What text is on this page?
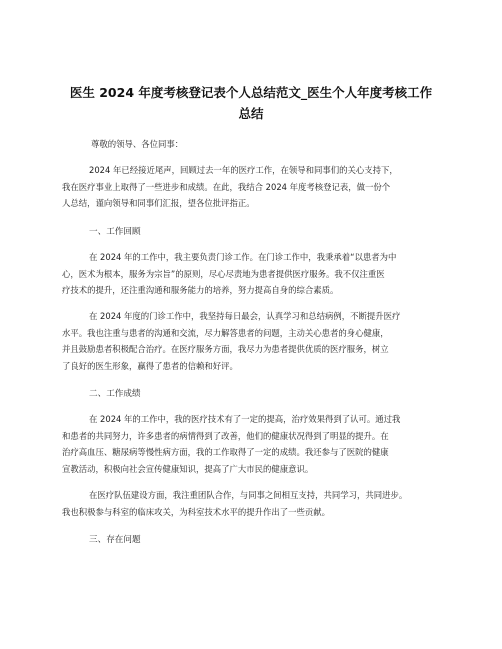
医生 2024 年度考核登记表个人总结范文_医生个人年度考核工作
总结
尊敬的领导、各位同事：
2024 年已经接近尾声，回顾过去一年的医疗工作，在领导和同事们的关心支持下，
我在医疗事业上取得了一些进步和成绩。在此，我结合 2024 年度考核登记表，做一份个
人总结，谨向领导和同事们汇报，望各位批评指正。
一、工作回顾
在 2024 年的工作中，我主要负责门诊工作。在门诊工作中，我秉承着“以患者为中
心，医术为根本，服务为宗旨”的原则，尽心尽责地为患者提供医疗服务。我不仅注重医
疗技术的提升，还注重沟通和服务能力的培养，努力提高自身的综合素质。
在 2024 年度的门诊工作中，我坚持每日最会，认真学习和总结病例，不断提升医疗
水平。我也注重与患者的沟通和交流，尽力解答患者的问题，主动关心患者的身心健康，
并且鼓励患者积极配合治疗。在医疗服务方面，我尽力为患者提供优质的医疗服务，树立
了良好的医生形象，赢得了患者的信赖和好评。
二、工作成绩
在 2024 年的工作中，我的医疗技术有了一定的提高，治疗效果得到了认可。通过我
和患者的共同努力，许多患者的病情得到了改善，他们的健康状况得到了明显的提升。在
治疗高血压、糖尿病等慢性病方面，我的工作取得了一定的成绩。我还参与了医院的健康
宣教活动，积极向社会宣传健康知识，提高了广大市民的健康意识。
在医疗队伍建设方面，我注重团队合作，与同事之间相互支持，共同学习，共同进步。
我也积极参与科室的临床攻关，为科室技术水平的提升作出了一些贡献。
三、存在问题
